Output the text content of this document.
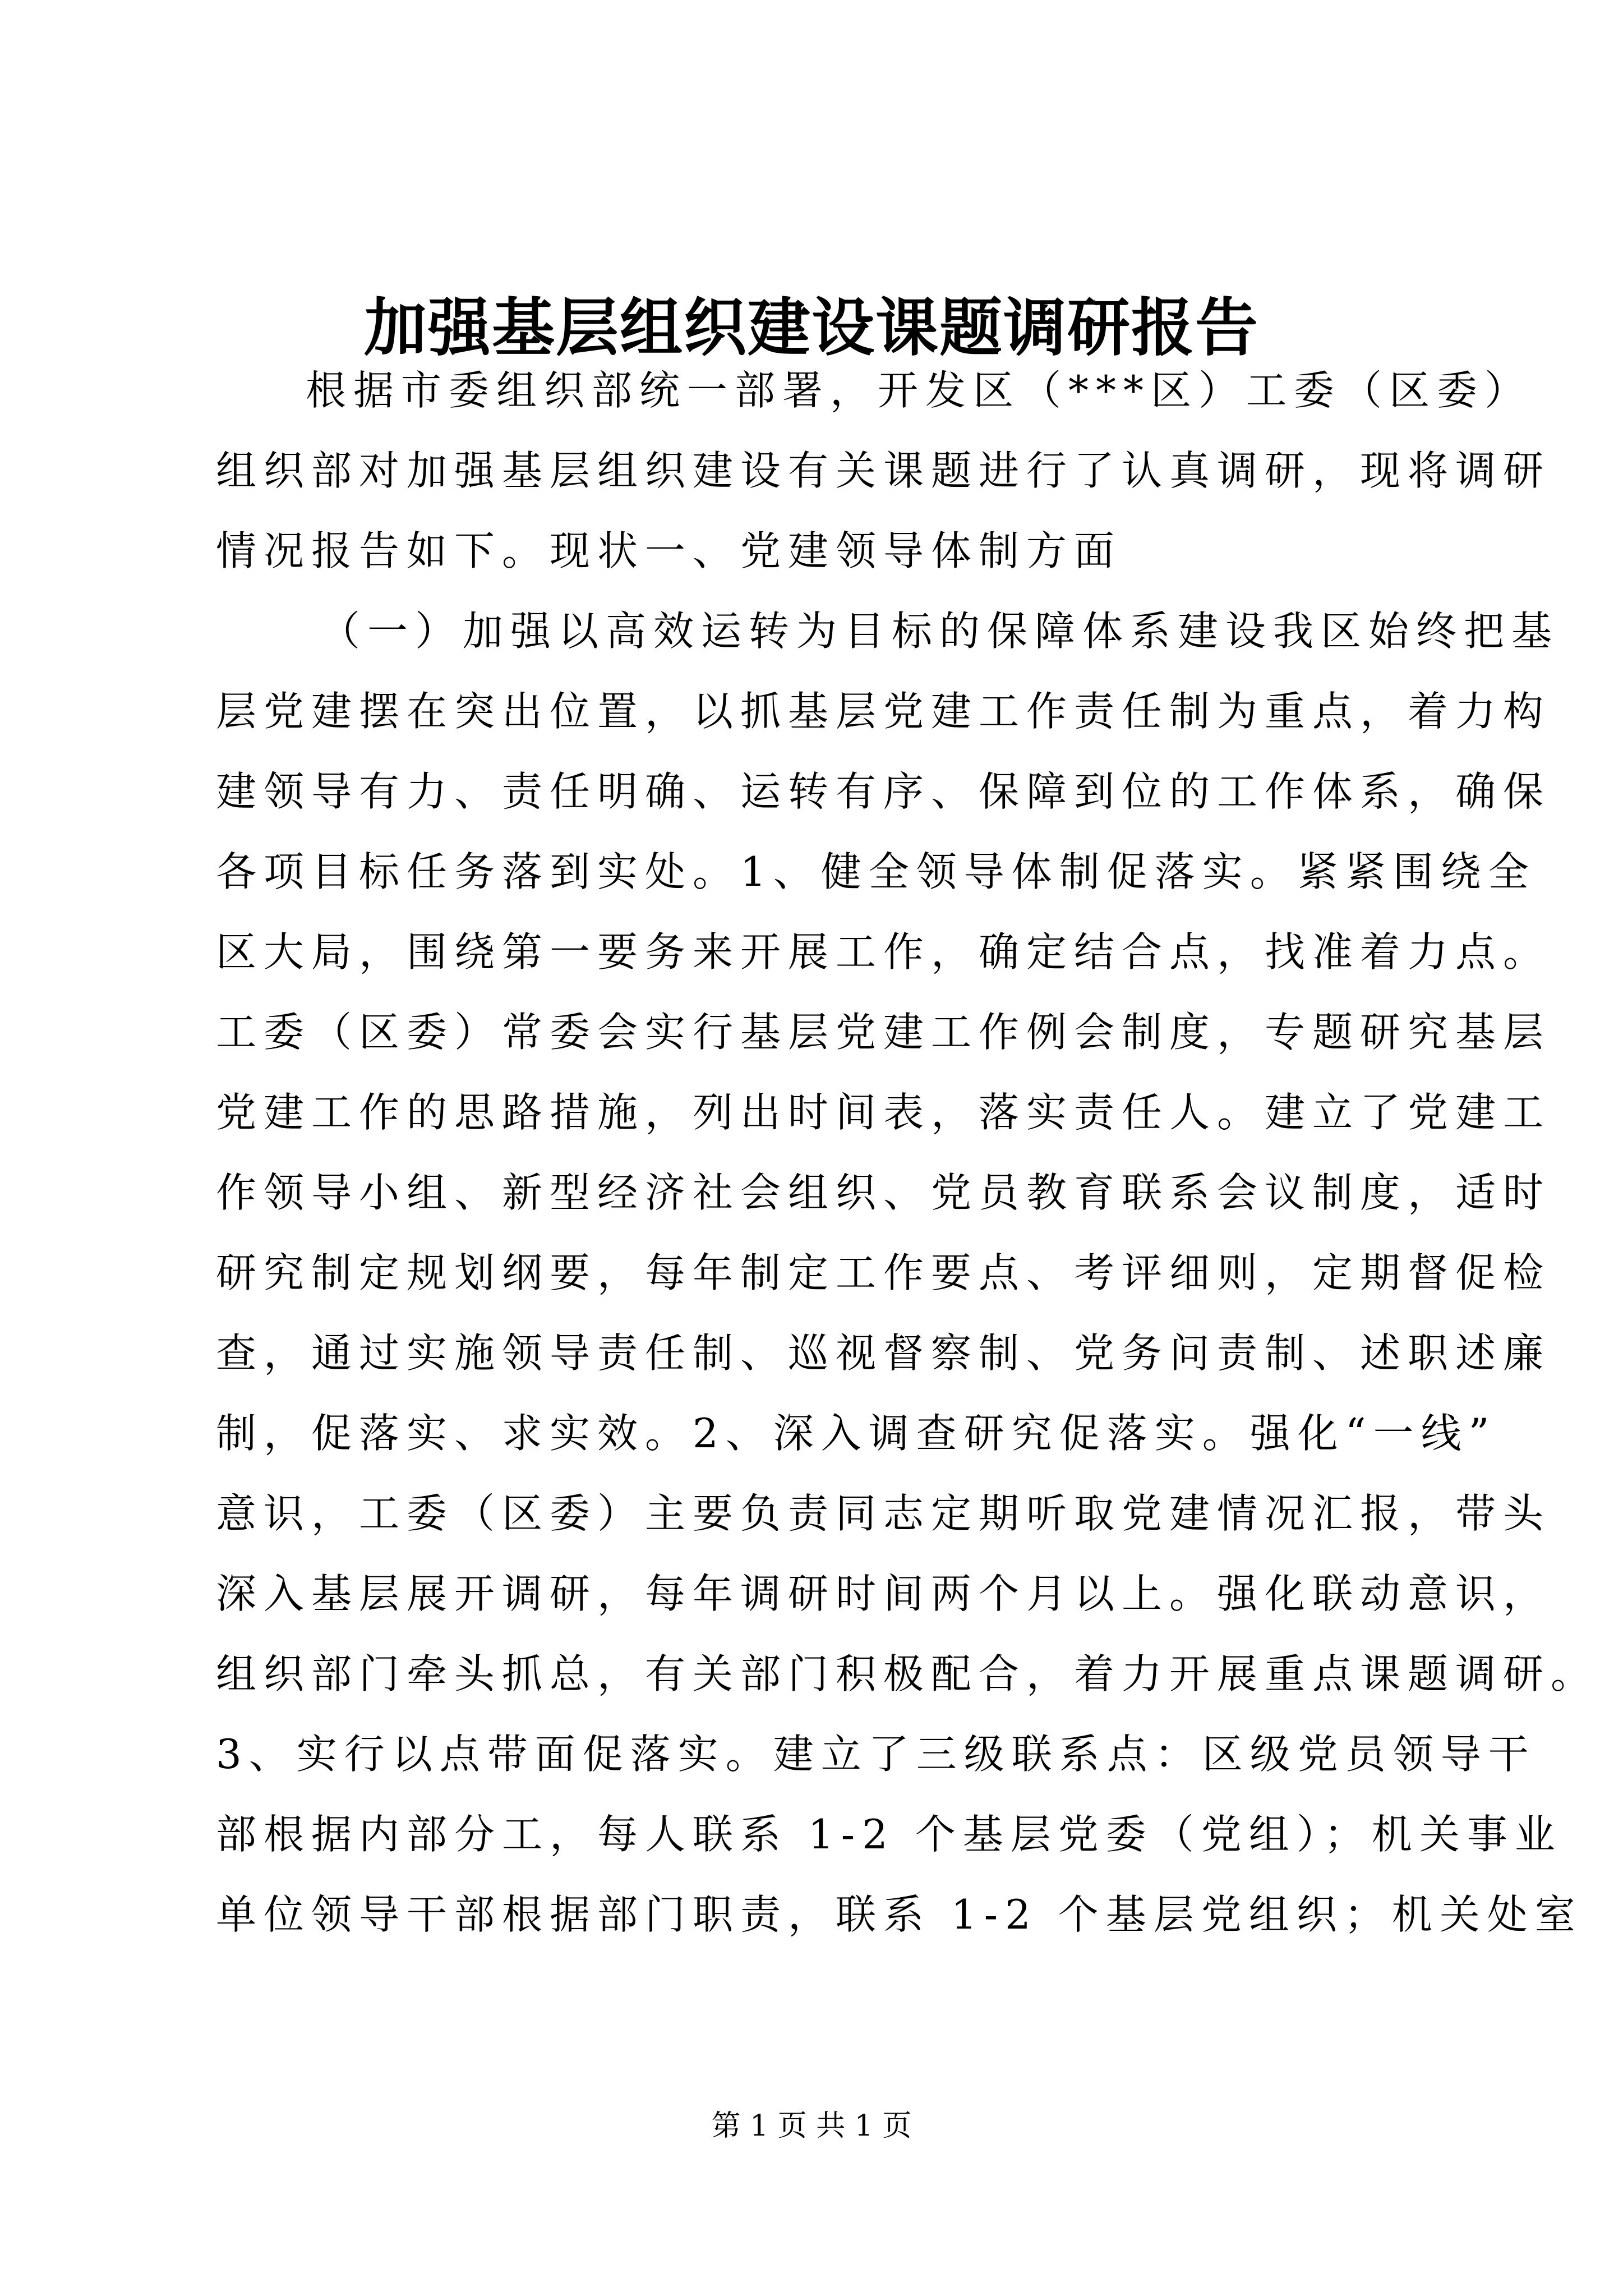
加强基层组织建设课题调研报告
根据市委组织部统一部署，开发区（***区）工委（区委）
组织部对加强基层组织建设有关课题进行了认真调研，现将调研
情况报告如下。现状一、党建领导体制方面
（一）加强以高效运转为目标的保障体系建设我区始终把基
层党建摆在突出位置，以抓基层党建工作责任制为重点，着力构
建领导有力、责任明确、运转有序、保障到位的工作体系，确保
各项目标任务落到实处。1、健全领导体制促落实。紧紧围绕全
区大局，围绕第一要务来开展工作，确定结合点，找准着力点。
工委（区委）常委会实行基层党建工作例会制度，专题研究基层
党建工作的思路措施，列出时间表，落实责任人。建立了党建工
作领导小组、新型经济社会组织、党员教育联系会议制度，适时
研究制定规划纲要，每年制定工作要点、考评细则，定期督促检
查，通过实施领导责任制、巡视督察制、党务问责制、述职述廉
制，促落实、求实效。2、深入调查研究促落实。强化“一线”
意识，工委（区委）主要负责同志定期听取党建情况汇报，带头
深入基层展开调研，每年调研时间两个月以上。强化联动意识，
组织部门牵头抓总，有关部门积极配合，着力开展重点课题调研。
3、实行以点带面促落实。建立了三级联系点：区级党员领导干
部根据内部分工，每人联系 1-2 个基层党委（党组）；机关事业
单位领导干部根据部门职责，联系 1-2 个基层党组织；机关处室
第 1 页 共 1 页
